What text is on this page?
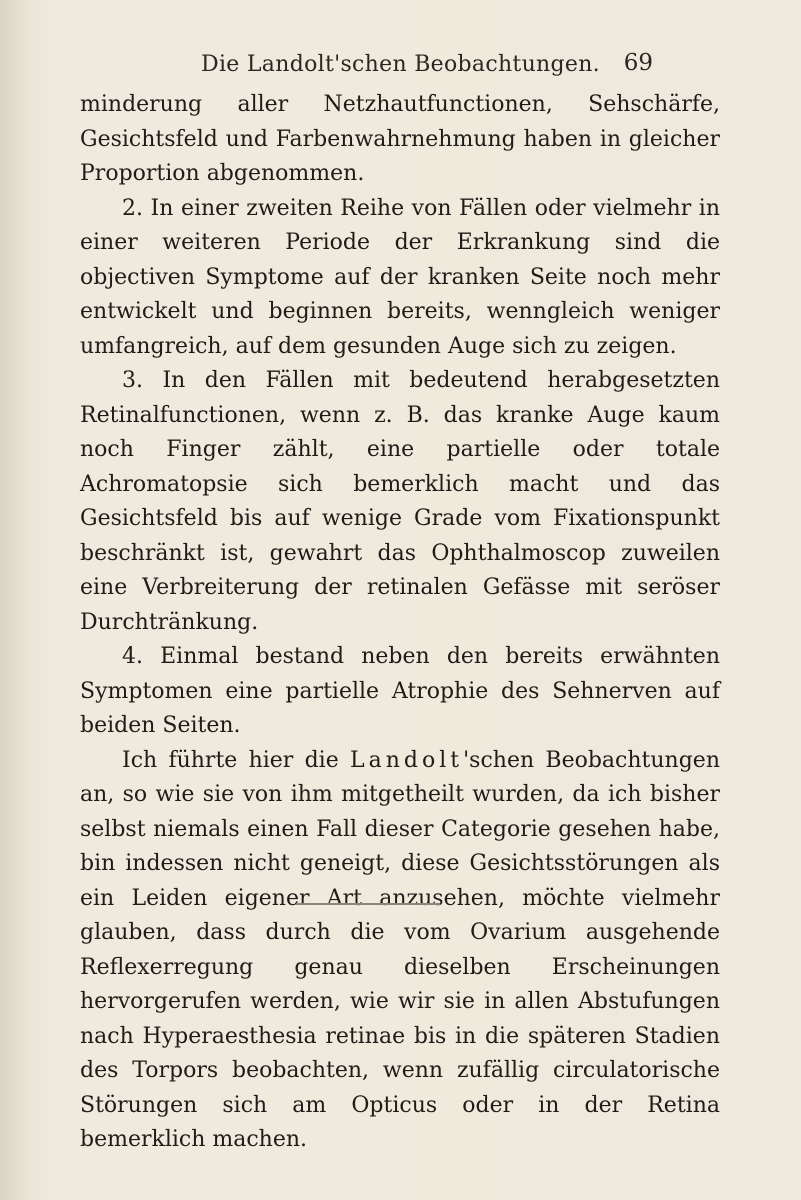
Die Landolt'schen Beobachtungen.	69

minderung aller Netzhautfunctionen, Sehschärfe, Gesichtsfeld und Farbenwahrnehmung haben in gleicher Proportion abgenommen.

2. In einer zweiten Reihe von Fällen oder vielmehr in einer weiteren Periode der Erkrankung sind die objectiven Symptome auf der kranken Seite noch mehr entwickelt und beginnen bereits, wenngleich weniger umfangreich, auf dem gesunden Auge sich zu zeigen.

3. In den Fällen mit bedeutend herabgesetzten Retinalfunctionen, wenn z. B. das kranke Auge kaum noch Finger zählt, eine partielle oder totale Achromatopsie sich bemerklich macht und das Gesichtsfeld bis auf wenige Grade vom Fixationspunkt beschränkt ist, gewahrt das Ophthalmoscop zuweilen eine Verbreiterung der retinalen Gefässe mit seröser Durchtränkung.

4. Einmal bestand neben den bereits erwähnten Symptomen eine partielle Atrophie des Sehnerven auf beiden Seiten.

Ich führte hier die Landolt'schen Beobachtungen an, so wie sie von ihm mitgetheilt wurden, da ich bisher selbst niemals einen Fall dieser Categorie gesehen habe, bin indessen nicht geneigt, diese Gesichtsstörungen als ein Leiden eigener Art anzusehen, möchte vielmehr glauben, dass durch die vom Ovarium ausgehende Reflexerregung genau dieselben Erscheinungen hervorgerufen werden, wie wir sie in allen Abstufungen nach Hyperaesthesia retinae bis in die späteren Stadien des Torpors beobachten, wenn zufällig circulatorische Störungen sich am Opticus oder in der Retina bemerklich machen.
